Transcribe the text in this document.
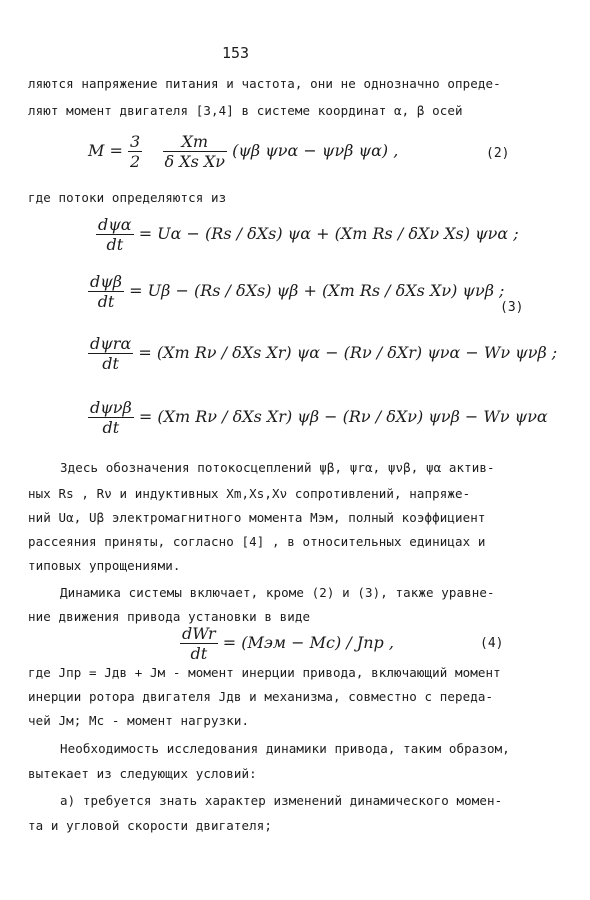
153
ляются напряжение питания и частота, они не однозначно опреде-
ляют момент двигателя [3,4] в системе координат α, β осей
$M = \frac{3}{2}$
$\frac{Xm}{\text{δ Xs Xν}} (\psi\beta$ ψνα − ψνβ ψα) ,	(2)
где потоки определяются из
$\frac{\text{dψα}}{dt} = U\alpha - (Rs / \delta Xs) \psi\alpha + (Xm$ Rs / δXν Xs) ψνα ;
$\frac{\text{dψβ}}{dt} = U\beta - (Rs / \delta Xs) \psi\beta + (Xm$ Rs / δXs Xν) ψνβ ;
(3)
$\frac{\text{dψrα}}{dt} = (Xm$ Rν / δXs Xr) ψα − (Rν / δXr) ψνα − Wν ψνβ ;
$\frac{\text{dψνβ}}{dt} = (Xm$ Rν / δXs Xr) ψβ − (Rν / δXν) ψνβ − Wν ψνα
Здесь обозначения потокосцеплений ψβ, ψrα, ψνβ, ψα актив-
ных Rs , Rν и индуктивных Xm,Xs,Xν сопротивлений, напряже-
ний Uα, Uβ электромагнитного момента Мэм, полный коэффициент
рассеяния приняты, согласно [4] , в относительных единицах и
типовых упрощениями.
Динамика системы включает, кроме (2) и (3), также уравне-
ние движения привода установки в виде
$\frac{\text{dWr}}{dt} = (Mэм - Mс)$ / Jпр ,	(4)
где Jпр = Jдв + Jм - момент инерции привода, включающий момент
инерции ротора двигателя Jдв и механизма, совместно с переда-
чей Jм; Мс - момент нагрузки.
Необходимость исследования динамики привода, таким образом,
вытекает из следующих условий:
а) требуется знать характер изменений динамического момен-
та и угловой скорости двигателя;
